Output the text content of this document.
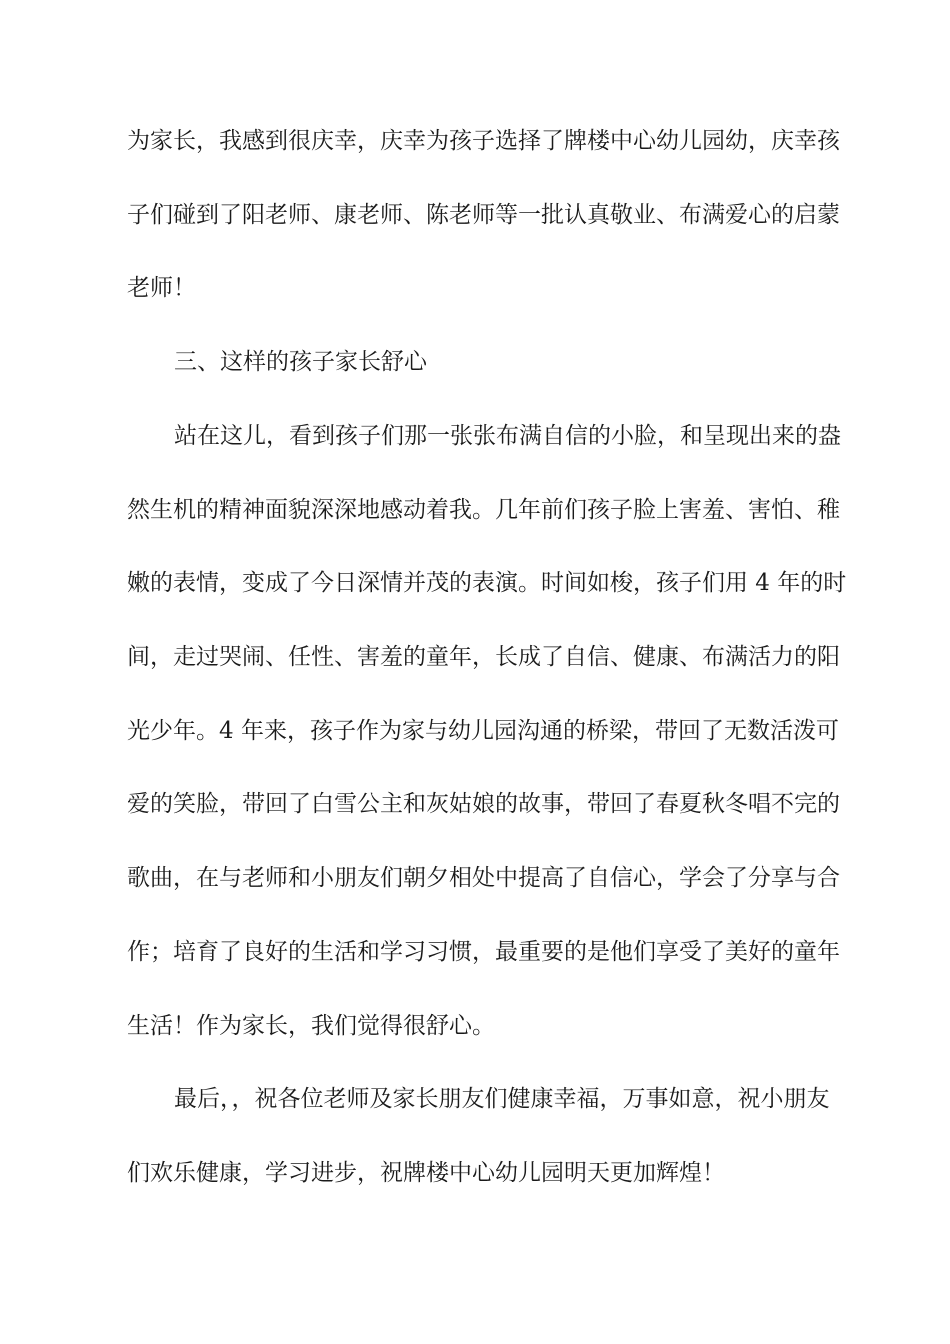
为家长，我感到很庆幸，庆幸为孩子选择了牌楼中心幼儿园幼，庆幸孩

子们碰到了阳老师、康老师、陈老师等一批认真敬业、布满爱心的启蒙

老师！

三、这样的孩子家长舒心

站在这儿，看到孩子们那一张张布满自信的小脸，和呈现出来的盎

然生机的精神面貌深深地感动着我。几年前们孩子脸上害羞、害怕、稚

嫩的表情，变成了今日深情并茂的表演。时间如梭，孩子们用 4 年的时

间，走过哭闹、任性、害羞的童年，长成了自信、健康、布满活力的阳

光少年。4 年来，孩子作为家与幼儿园沟通的桥梁，带回了无数活泼可

爱的笑脸，带回了白雪公主和灰姑娘的故事，带回了春夏秋冬唱不完的

歌曲，在与老师和小朋友们朝夕相处中提高了自信心，学会了分享与合

作；培育了良好的生活和学习习惯，最重要的是他们享受了美好的童年

生活！作为家长，我们觉得很舒心。

最后，，祝各位老师及家长朋友们健康幸福，万事如意，祝小朋友

们欢乐健康，学习进步，祝牌楼中心幼儿园明天更加辉煌！
